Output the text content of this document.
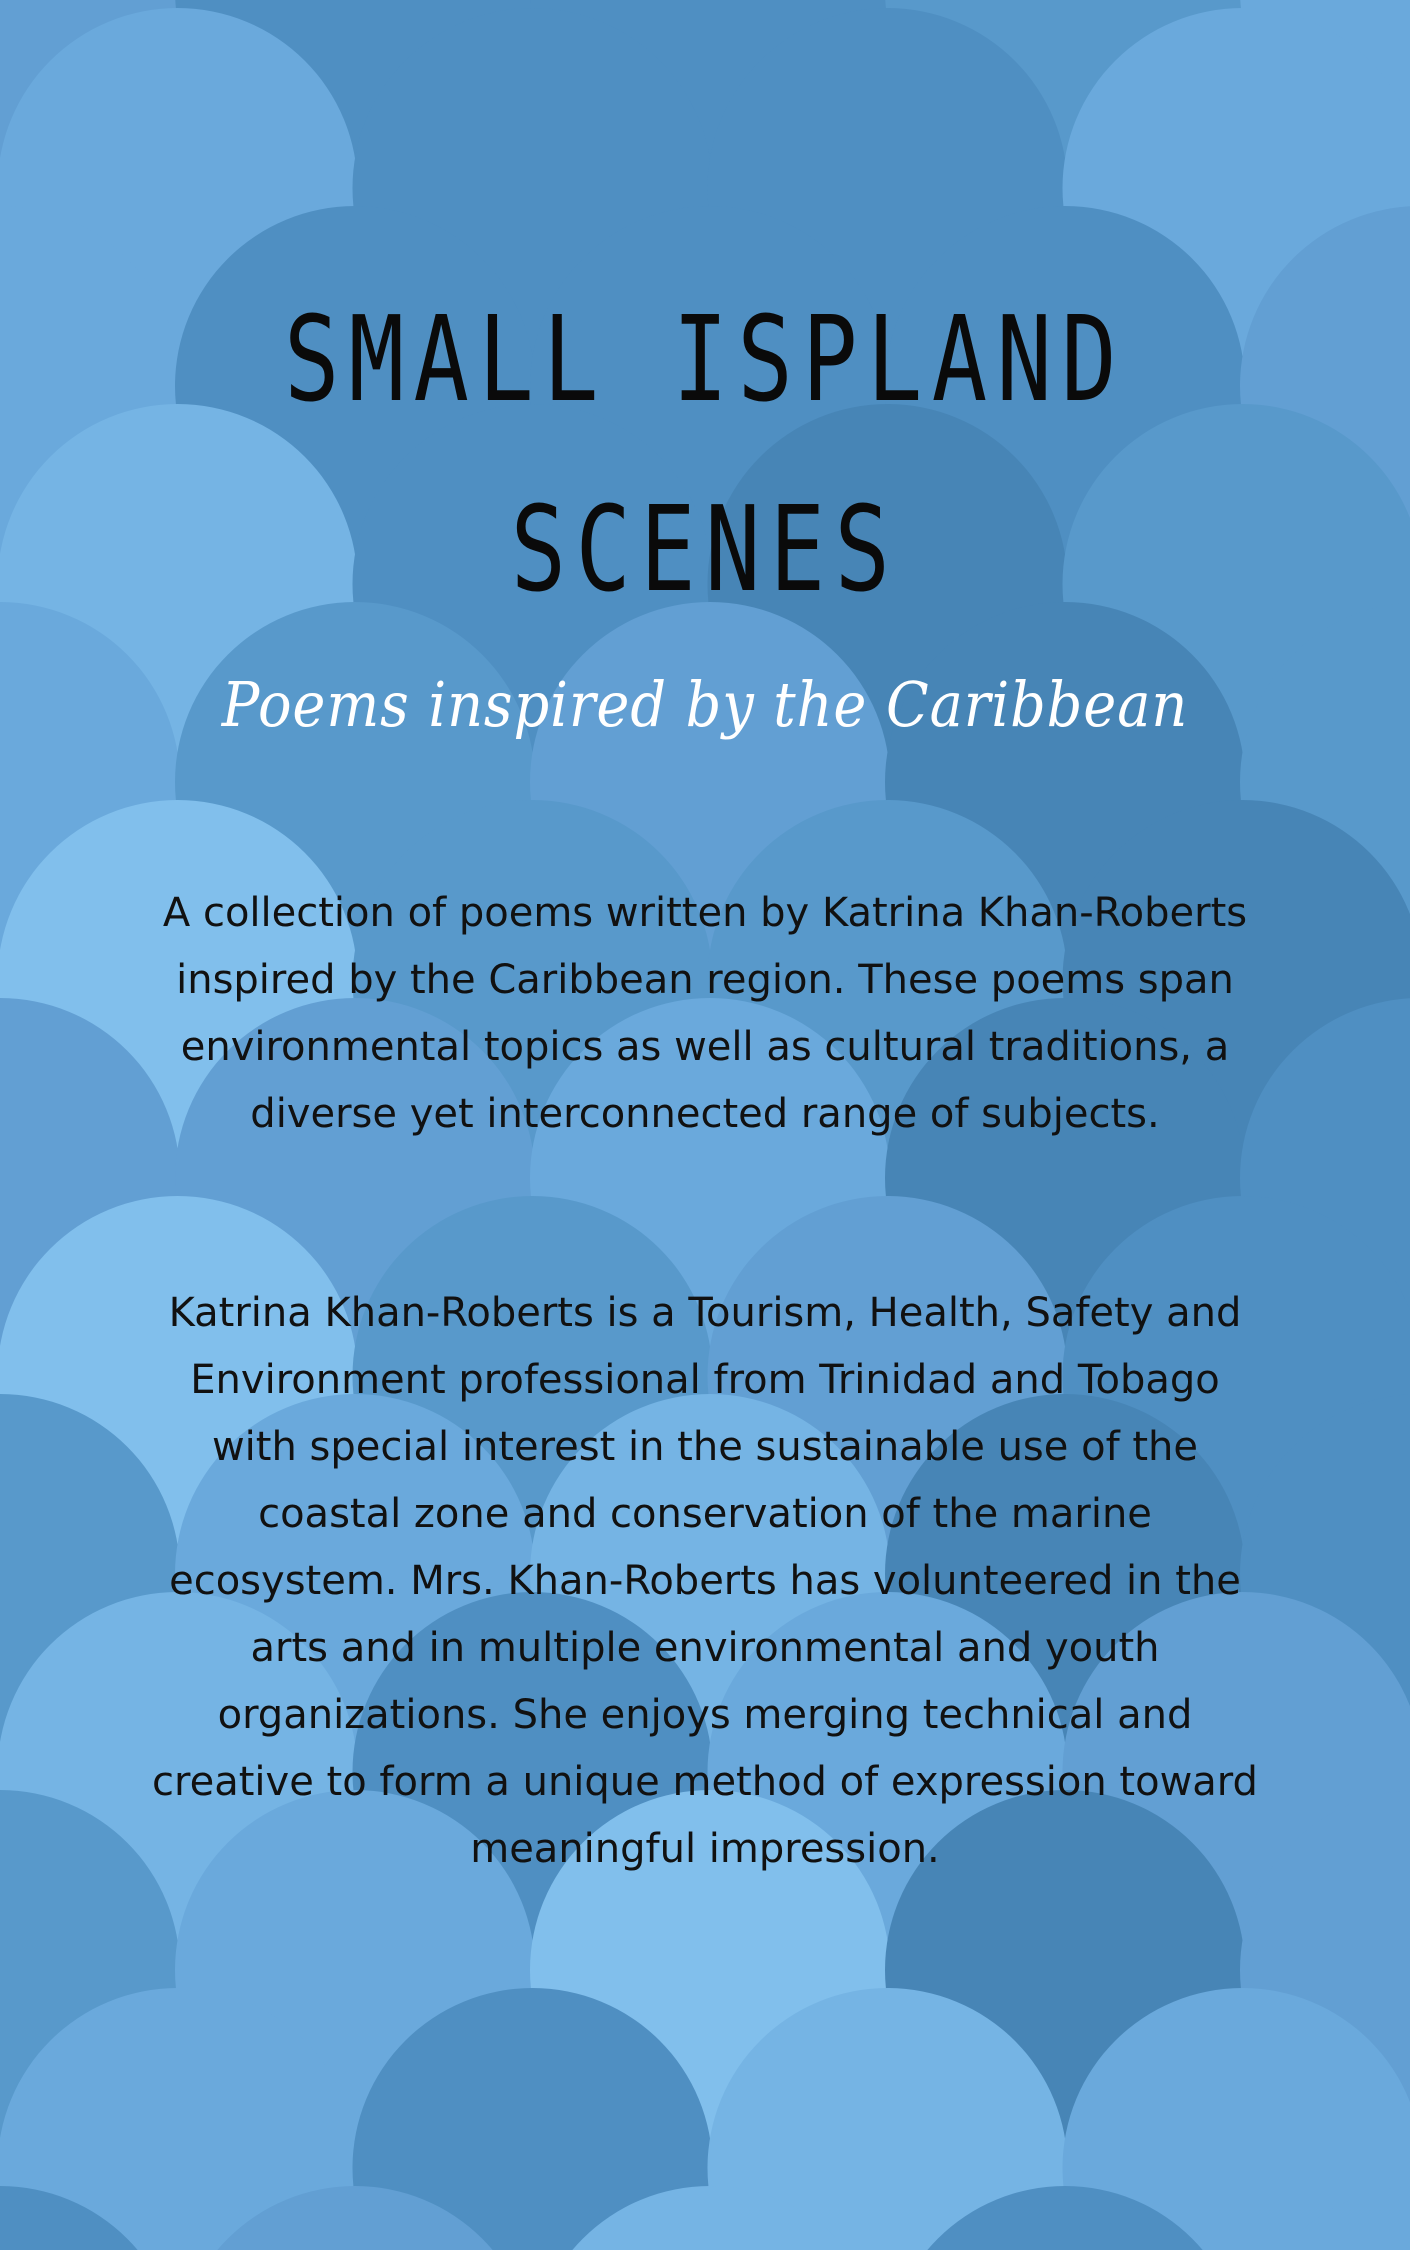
SMALL ISPLAND
SCENES
Poems inspired by the Caribbean

A collection of poems written by Katrina Khan-Roberts inspired by the Caribbean region. These poems span environmental topics as well as cultural traditions, a diverse yet interconnected range of subjects.

Katrina Khan-Roberts is a Tourism, Health, Safety and Environment professional from Trinidad and Tobago with special interest in the sustainable use of the coastal zone and conservation of the marine ecosystem. Mrs. Khan-Roberts has volunteered in the arts and in multiple environmental and youth organizations. She enjoys merging technical and creative to form a unique method of expression toward meaningful impression.
